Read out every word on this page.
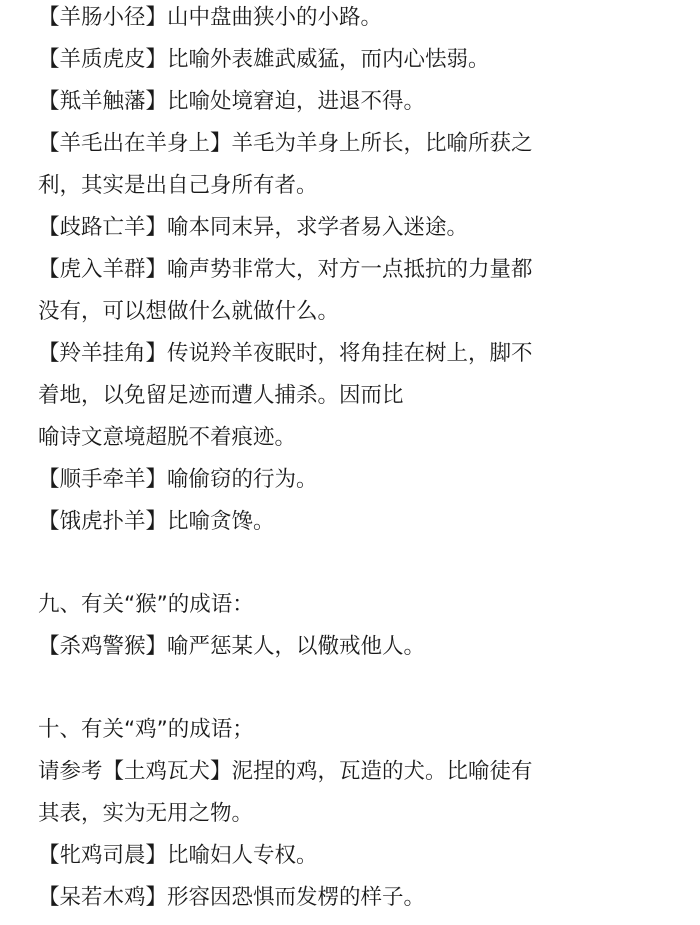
【羊肠小径】山中盘曲狭小的小路。
【羊质虎皮】比喻外表雄武威猛，而内心怯弱。
【羝羊触藩】比喻处境窘迫，进退不得。
【羊毛出在羊身上】羊毛为羊身上所长，比喻所获之
利，其实是出自己身所有者。
【歧路亡羊】喻本同末异，求学者易入迷途。
【虎入羊群】喻声势非常大，对方一点抵抗的力量都
没有，可以想做什么就做什么。
【羚羊挂角】传说羚羊夜眠时，将角挂在树上，脚不
着地，以免留足迹而遭人捕杀。因而比
喻诗文意境超脱不着痕迹。
【顺手牵羊】喻偷窃的行为。
【饿虎扑羊】比喻贪馋。
九、有关“猴”的成语：
【杀鸡警猴】喻严惩某人，以儆戒他人。
十、有关“鸡”的成语；
请参考【土鸡瓦犬】泥捏的鸡，瓦造的犬。比喻徒有
其表，实为无用之物。
【牝鸡司晨】比喻妇人专权。
【呆若木鸡】形容因恐惧而发楞的样子。
